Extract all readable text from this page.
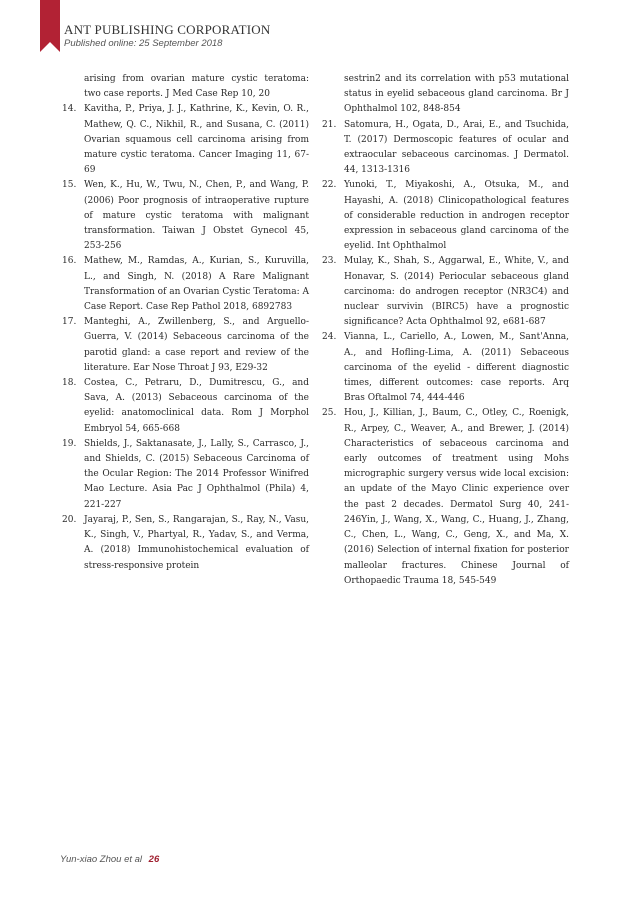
ANT PUBLISHING CORPORATION
Published online: 25 September 2018
arising from ovarian mature cystic teratoma: two case reports. J Med Case Rep 10, 20
14. Kavitha, P., Priya, J. J., Kathrine, K., Kevin, O. R., Mathew, Q. C., Nikhil, R., and Susana, C. (2011) Ovarian squamous cell carcinoma arising from mature cystic teratoma. Cancer Imaging 11, 67-69
15. Wen, K., Hu, W., Twu, N., Chen, P., and Wang, P. (2006) Poor prognosis of intraoperative rupture of mature cystic teratoma with malignant transformation. Taiwan J Obstet Gynecol 45, 253-256
16. Mathew, M., Ramdas, A., Kurian, S., Kuruvilla, L., and Singh, N. (2018) A Rare Malignant Transformation of an Ovarian Cystic Teratoma: A Case Report. Case Rep Pathol 2018, 6892783
17. Manteghi, A., Zwillenberg, S., and Arguello-Guerra, V. (2014) Sebaceous carcinoma of the parotid gland: a case report and review of the literature. Ear Nose Throat J 93, E29-32
18. Costea, C., Petraru, D., Dumitrescu, G., and Sava, A. (2013) Sebaceous carcinoma of the eyelid: anatomoclinical data. Rom J Morphol Embryol 54, 665-668
19. Shields, J., Saktanasate, J., Lally, S., Carrasco, J., and Shields, C. (2015) Sebaceous Carcinoma of the Ocular Region: The 2014 Professor Winifred Mao Lecture. Asia Pac J Ophthalmol (Phila) 4, 221-227
20. Jayaraj, P., Sen, S., Rangarajan, S., Ray, N., Vasu, K., Singh, V., Phartyal, R., Yadav, S., and Verma, A. (2018) Immunohistochemical evaluation of stress-responsive protein
sestrin2 and its correlation with p53 mutational status in eyelid sebaceous gland carcinoma. Br J Ophthalmol 102, 848-854
21. Satomura, H., Ogata, D., Arai, E., and Tsuchida, T. (2017) Dermoscopic features of ocular and extraocular sebaceous carcinomas. J Dermatol. 44, 1313-1316
22. Yunoki, T., Miyakoshi, A., Otsuka, M., and Hayashi, A. (2018) Clinicopathological features of considerable reduction in androgen receptor expression in sebaceous gland carcinoma of the eyelid. Int Ophthalmol
23. Mulay, K., Shah, S., Aggarwal, E., White, V., and Honavar, S. (2014) Periocular sebaceous gland carcinoma: do androgen receptor (NR3C4) and nuclear survivin (BIRC5) have a prognostic significance? Acta Ophthalmol 92, e681-687
24. Vianna, L., Cariello, A., Lowen, M., Sant'Anna, A., and Hofling-Lima, A. (2011) Sebaceous carcinoma of the eyelid - different diagnostic times, different outcomes: case reports. Arq Bras Oftalmol 74, 444-446
25. Hou, J., Killian, J., Baum, C., Otley, C., Roenigk, R., Arpey, C., Weaver, A., and Brewer, J. (2014) Characteristics of sebaceous carcinoma and early outcomes of treatment using Mohs micrographic surgery versus wide local excision: an update of the Mayo Clinic experience over the past 2 decades. Dermatol Surg 40, 241-246Yin, J., Wang, X., Wang, C., Huang, J., Zhang, C., Chen, L., Wang, C., Geng, X., and Ma, X. (2016) Selection of internal fixation for posterior malleolar fractures. Chinese Journal of Orthopaedic Trauma 18, 545-549
Yun-xiao Zhou et al 26
